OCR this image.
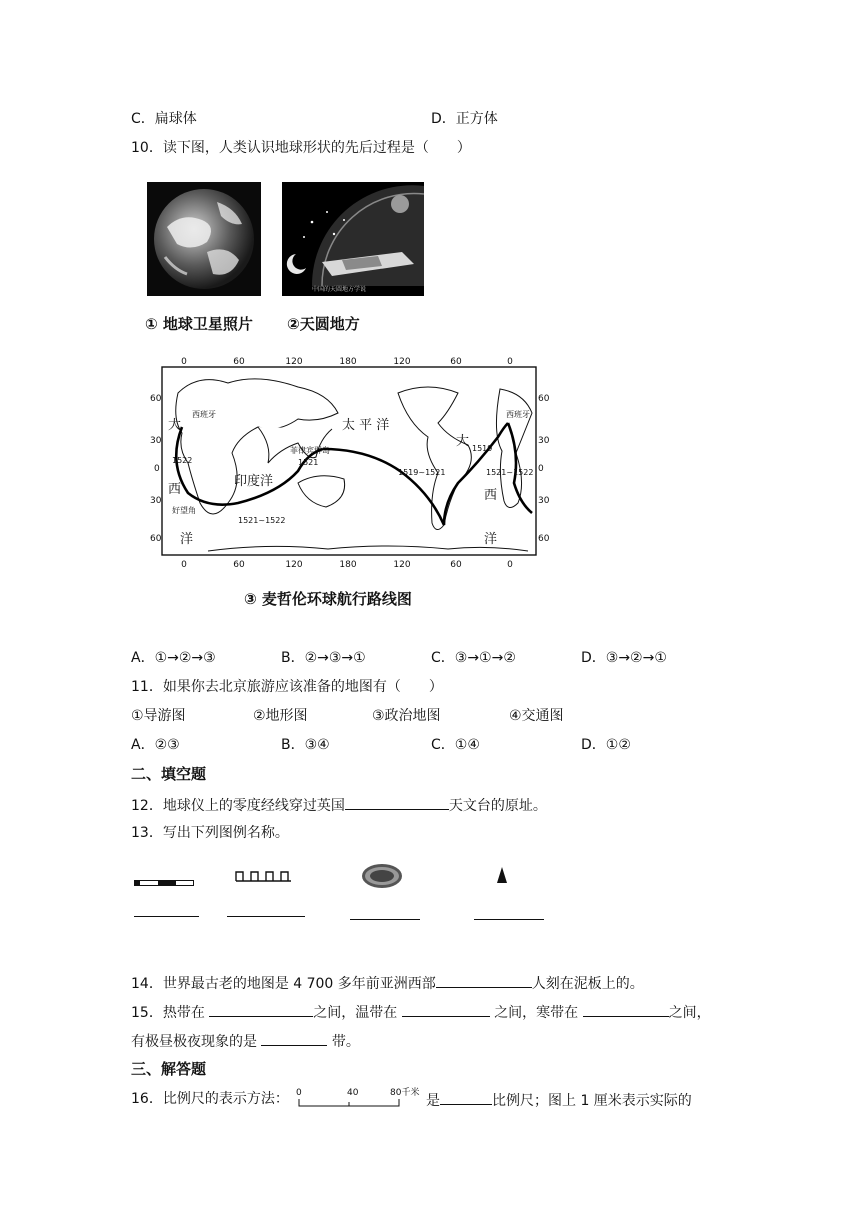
C．扁球体	D．正方体
10．读下图，人类认识地球形状的先后过程是（　　）
中国的天圆地方学说
① 地球卫星照片 ②天圆地方
0	60	120	180	120	60	0
0	60	120	180	120	60	0
60
30
0
30
60
60
30
0
30
60
大
西
洋
大
西
洋
太 平 洋
印度洋
西班牙	西班牙
菲律宾群岛
1521
好望角
1521~1522
1519~1521
1519
1521~1522
1522
③ 麦哲伦环球航行路线图
A．①→②→③	B．②→③→①	C．③→①→②	D．③→②→①
11．如果你去北京旅游应该准备的地图有（　　）
①导游图	②地形图	③政治地图	④交通图
A．②③	B．③④	C．①④	D．①②
二、填空题
12．地球仪上的零度经线穿过英国	天文台的原址。
13．写出下列图例名称。
14．世界最古老的地图是 4 700 多年前亚洲西部	人刻在泥板上的。
15．热带在	之间，温带在	之间，寒带在	之间，
有极昼极夜现象的是	带。
三、解答题
16．比例尺的表示方法： 0	40	80千米 是	比例尺；图上 1 厘米表示实际的
